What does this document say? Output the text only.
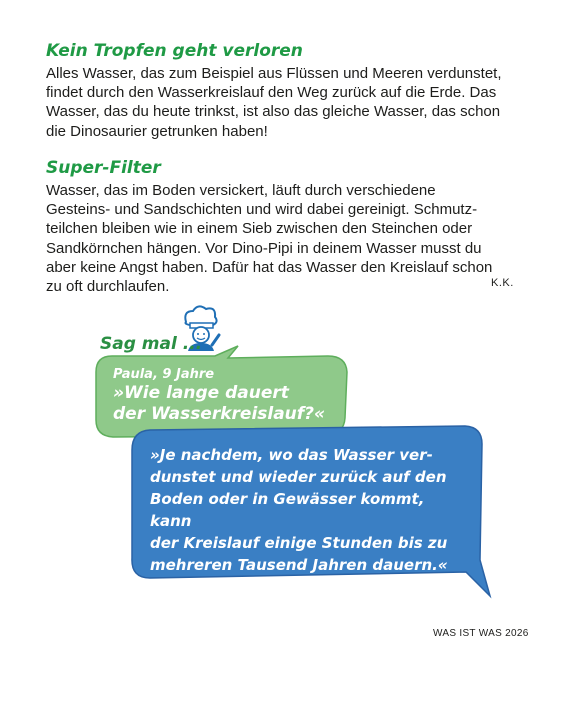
Kein Tropfen geht verloren

Alles Wasser, das zum Beispiel aus Flüssen und Meeren verdunstet,
findet durch den Wasserkreislauf den Weg zurück auf die Erde. Das
Wasser, das du heute trinkst, ist also das gleiche Wasser, das schon
die Dinosaurier getrunken haben!

Super-Filter

Wasser, das im Boden versickert, läuft durch verschiedene
Gesteins- und Sandschichten und wird dabei gereinigt. Schmutz-
teilchen bleiben wie in einem Sieb zwischen den Steinchen oder
Sandkörnchen hängen. Vor Dino-Pipi in deinem Wasser musst du
aber keine Angst haben. Dafür hat das Wasser den Kreislauf schon
zu oft durchlaufen.	K.K.
Sag mal ...
Paula, 9 Jahre
»Wie lange dauert
der Wasserkreislauf?«
»Je nachdem, wo das Wasser ver-
dunstet und wieder zurück auf den
Boden oder in Gewässer kommt, kann
der Kreislauf einige Stunden bis zu
mehreren Tausend Jahren dauern.«
WAS IST WAS 2026
